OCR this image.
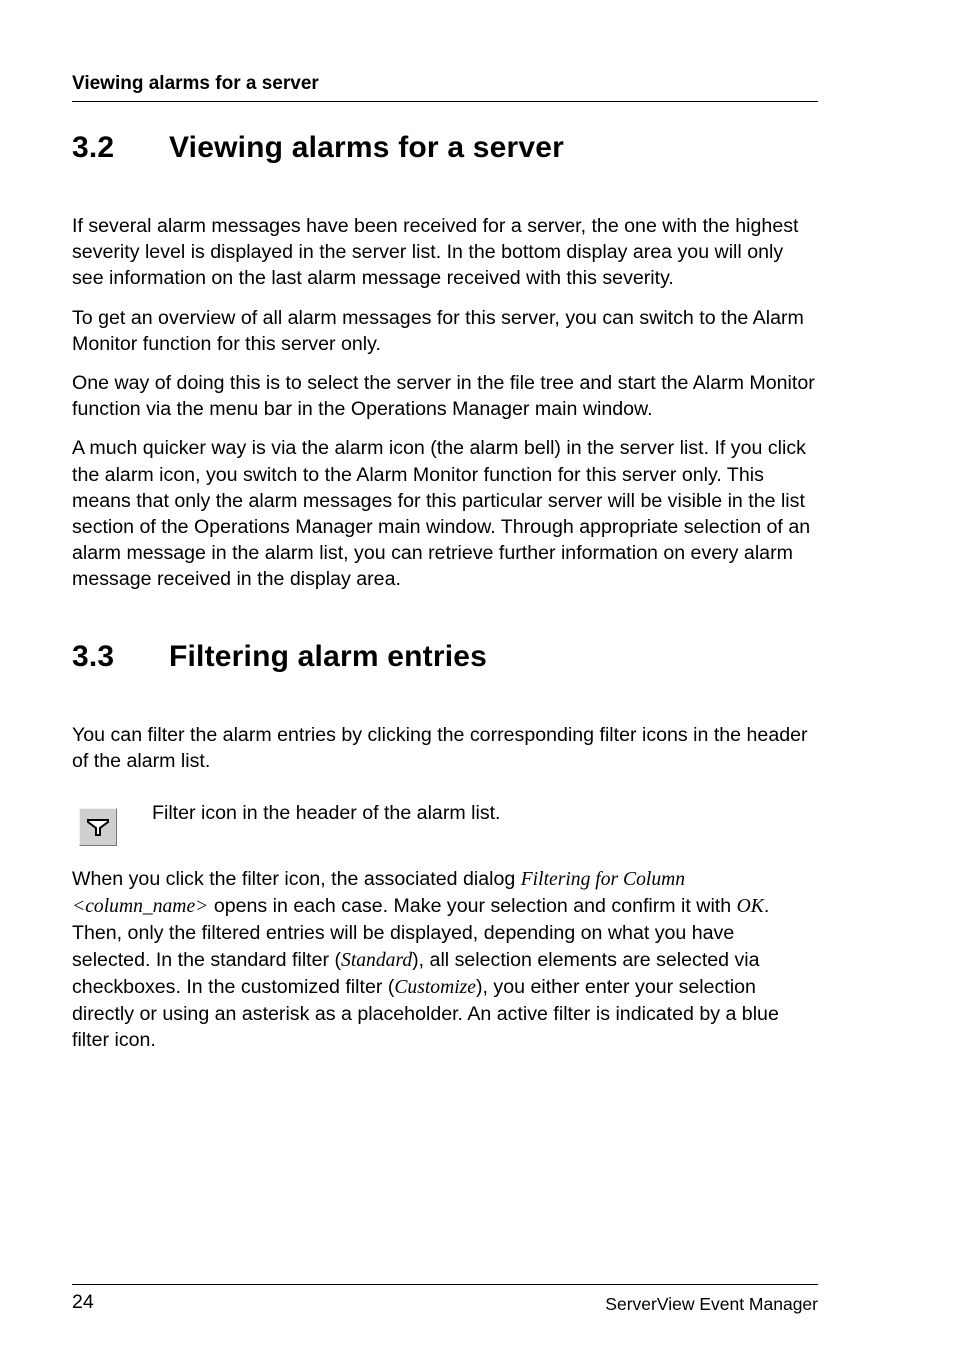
Viewing alarms for a server
3.2	Viewing alarms for a server

If several alarm messages have been received for a server, the one with the highest severity level is displayed in the server list. In the bottom display area you will only see information on the last alarm message received with this severity.

To get an overview of all alarm messages for this server, you can switch to the Alarm Monitor function for this server only.

One way of doing this is to select the server in the file tree and start the Alarm Monitor function via the menu bar in the Operations Manager main window.

A much quicker way is via the alarm icon (the alarm bell) in the server list. If you click the alarm icon, you switch to the Alarm Monitor function for this server only. This means that only the alarm messages for this particular server will be visible in the list section of the Operations Manager main window. Through appropriate selection of an alarm message in the alarm list, you can retrieve further information on every alarm message received in the display area.

3.3	Filtering alarm entries

You can filter the alarm entries by clicking the corresponding filter icons in the header of the alarm list.

Filter icon in the header of the alarm list.

When you click the filter icon, the associated dialog Filtering for Column <column_name> opens in each case. Make your selection and confirm it with OK. Then, only the filtered entries will be displayed, depending on what you have selected. In the standard filter (Standard), all selection elements are selected via checkboxes. In the customized filter (Customize), you either enter your selection directly or using an asterisk as a placeholder. An active filter is indicated by a blue filter icon.

24	ServerView Event Manager
